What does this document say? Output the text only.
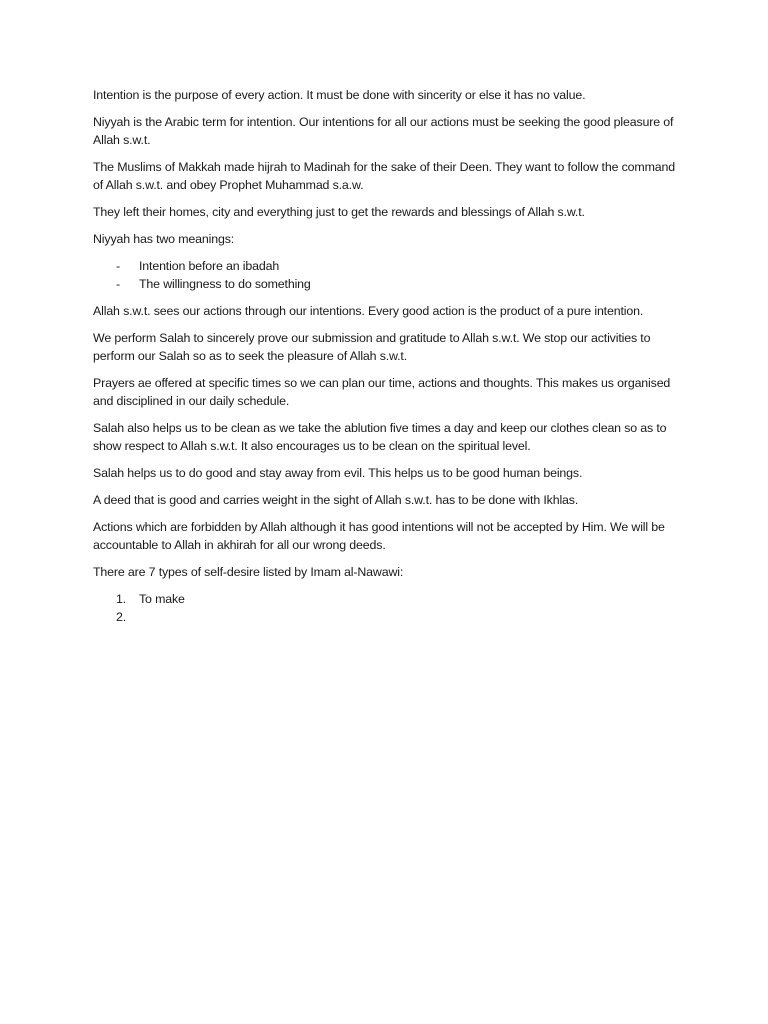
Intention is the purpose of every action. It must be done with sincerity or else it has no value.

Niyyah is the Arabic term for intention. Our intentions for all our actions must be seeking the good pleasure of Allah s.w.t.

The Muslims of Makkah made hijrah to Madinah for the sake of their Deen. They want to follow the command of Allah s.w.t. and obey Prophet Muhammad s.a.w.

They left their homes, city and everything just to get the rewards and blessings of Allah s.w.t.

Niyyah has two meanings:

- Intention before an ibadah
- The willingness to do something

Allah s.w.t. sees our actions through our intentions. Every good action is the product of a pure intention.

We perform Salah to sincerely prove our submission and gratitude to Allah s.w.t. We stop our activities to perform our Salah so as to seek the pleasure of Allah s.w.t.

Prayers ae offered at specific times so we can plan our time, actions and thoughts. This makes us organised and disciplined in our daily schedule.

Salah also helps us to be clean as we take the ablution five times a day and keep our clothes clean so as to show respect to Allah s.w.t. It also encourages us to be clean on the spiritual level.

Salah helps us to do good and stay away from evil. This helps us to be good human beings.

A deed that is good and carries weight in the sight of Allah s.w.t. has to be done with Ikhlas.

Actions which are forbidden by Allah although it has good intentions will not be accepted by Him. We will be accountable to Allah in akhirah for all our wrong deeds.

There are 7 types of self-desire listed by Imam al-Nawawi:

1. To make
2.
